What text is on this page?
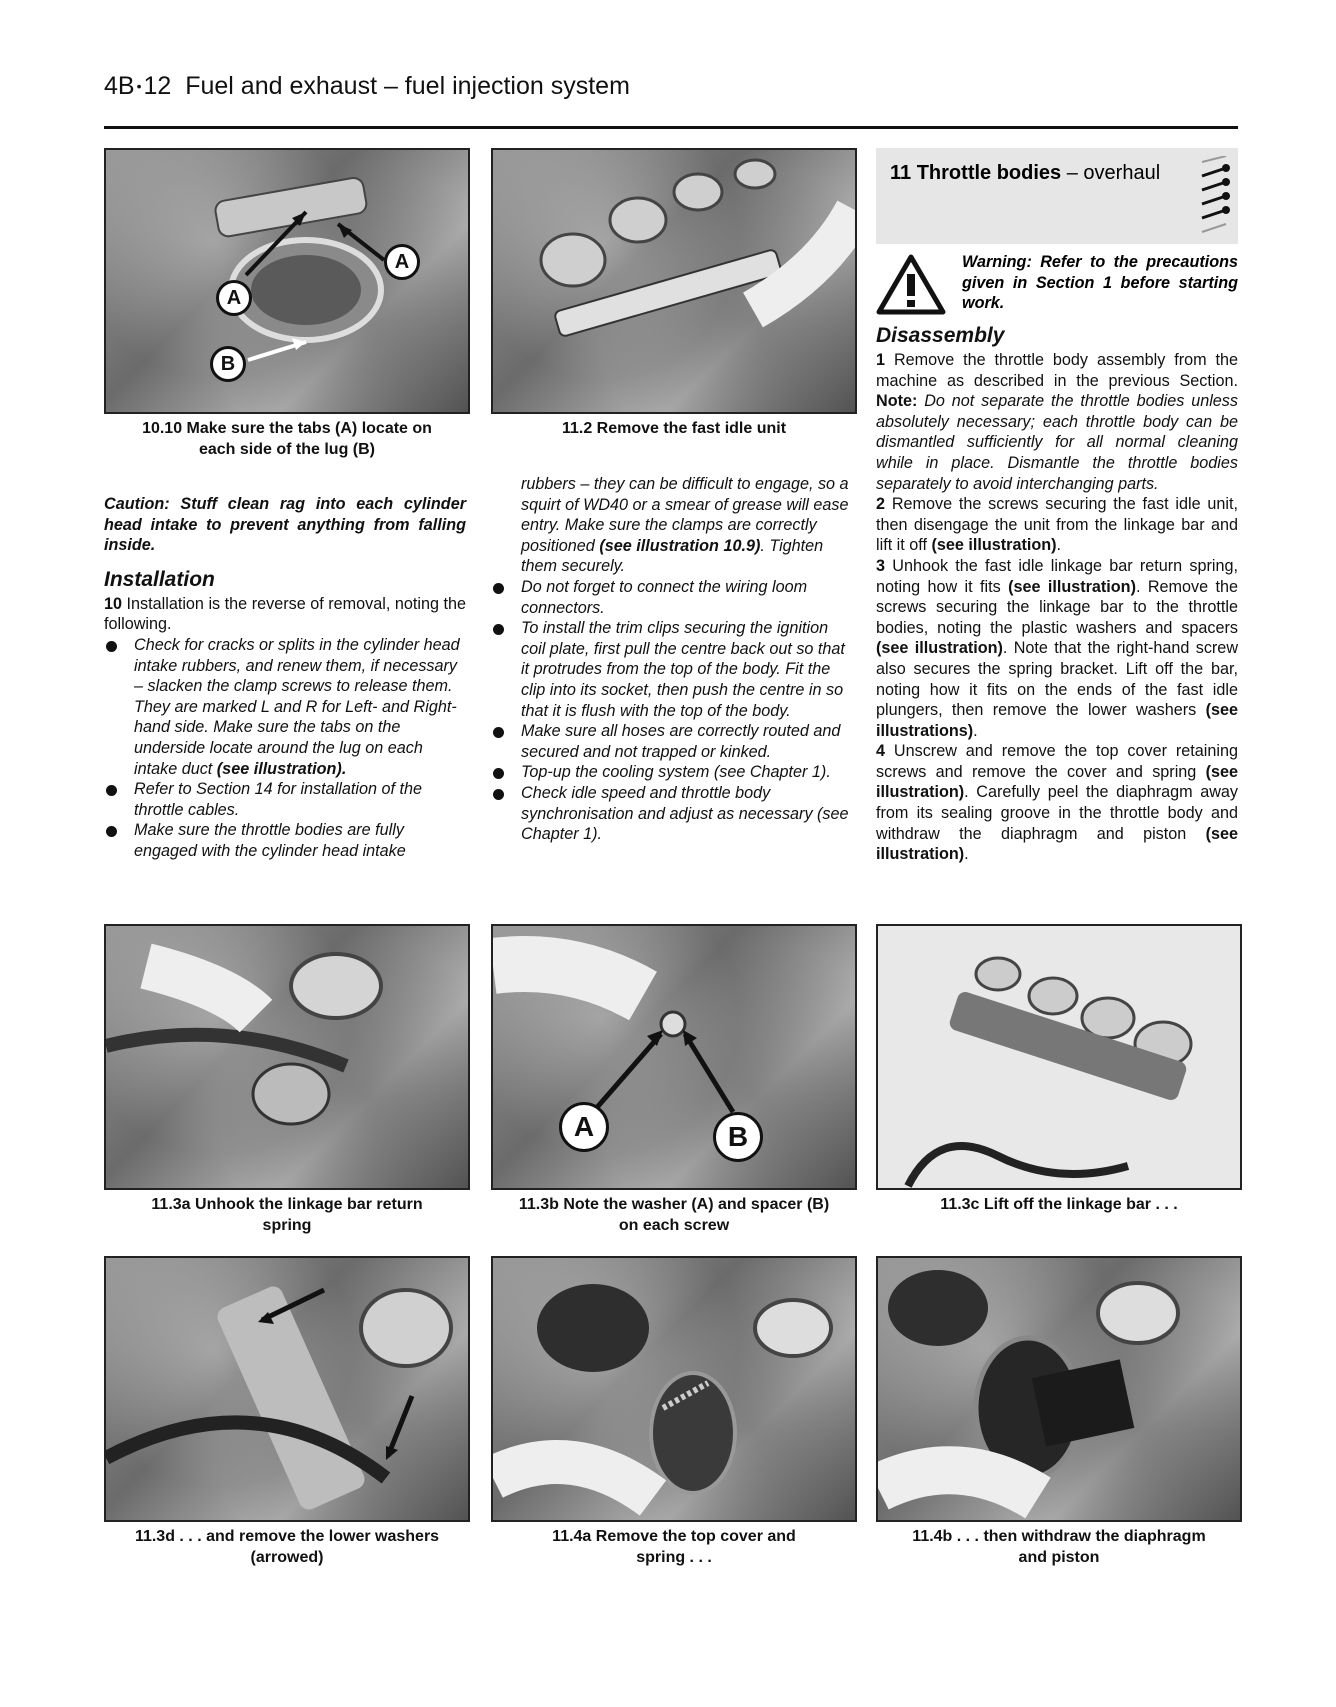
4B •12 Fuel and exhaust – fuel injection system
A
A
B
10.10 Make sure the tabs (A) locate on
each side of the lug (B)
11.2 Remove the fast idle unit

Caution: Stuff clean rag into each cylinder head intake to prevent anything from falling inside.

Installation

10 Installation is the reverse of removal, noting the following.

Check for cracks or splits in the cylinder head intake rubbers, and renew them, if necessary – slacken the clamp screws to release them. They are marked L and R for Left- and Right-hand side. Make sure the tabs on the underside locate around the lug on each intake duct (see illustration).
Refer to Section 14 for installation of the throttle cables.
Make sure the throttle bodies are fully engaged with the cylinder head intake

rubbers – they can be difficult to engage, so a squirt of WD40 or a smear of grease will ease entry. Make sure the clamps are correctly positioned (see illustration 10.9). Tighten them securely.

Do not forget to connect the wiring loom connectors.
To install the trim clips securing the ignition coil plate, first pull the centre back out so that it protrudes from the top of the body. Fit the clip into its socket, then push the centre in so that it is flush with the top of the body.
Make sure all hoses are correctly routed and secured and not trapped or kinked.
Top-up the cooling system (see Chapter 1).
Check idle speed and throttle body synchronisation and adjust as necessary (see Chapter 1).
11 Throttle bodies – overhaul
Warning: Refer to the precautions given in Section 1 before starting work.
Disassembly

1 Remove the throttle body assembly from the machine as described in the previous Section. Note: Do not separate the throttle bodies unless absolutely necessary; each throttle body can be dismantled sufficiently for all normal cleaning while in place. Dismantle the throttle bodies separately to avoid interchanging parts.

2 Remove the screws securing the fast idle unit, then disengage the unit from the linkage bar and lift it off (see illustration).

3 Unhook the fast idle linkage bar return spring, noting how it fits (see illustration). Remove the screws securing the linkage bar to the throttle bodies, noting the plastic washers and spacers (see illustration). Note that the right-hand screw also secures the spring bracket. Lift off the bar, noting how it fits on the ends of the fast idle plungers, then remove the lower washers (see illustrations).

4 Unscrew and remove the top cover retaining screws and remove the cover and spring (see illustration). Carefully peel the diaphragm away from its sealing groove in the throttle body and withdraw the diaphragm and piston (see illustration).

11.3a Unhook the linkage bar return
spring
A	B
11.3b Note the washer (A) and spacer (B)
on each screw
11.3c Lift off the linkage bar . . .
11.3d . . . and remove the lower washers
(arrowed)
11.4a Remove the top cover and
spring . . .
11.4b . . . then withdraw the diaphragm
and piston
